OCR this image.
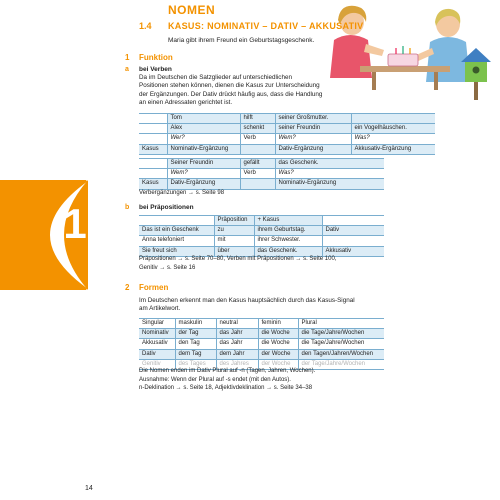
NOMEN
1.4 KASUS: NOMINATIV – DATIV – AKKUSATIV
Maria gibt ihrem Freund ein Geburtstagsgeschenk.
1 Funktion
a bei Verben
Da im Deutschen die Satzglieder auf unterschiedlichen
Positionen stehen können, dienen die Kasus zur Unterscheidung
der Ergänzungen. Der Dativ drückt häufig aus, dass die Handlung
an einen Adressaten gerichtet ist.
	Tom	hilft	seiner Großmutter.	
	Alex	schenkt	seiner Freundin	ein Vogelhäuschen.
	Wer?	Verb	Wem?	Was?
Kasus	Nominativ-Ergänzung		Dativ-Ergänzung	Akkusativ-Ergänzung
	Seiner Freundin	gefällt	das Geschenk.
	Wem?	Verb	Was?
Kasus	Dativ-Ergänzung		Nominativ-Ergänzung
Verbergänzungen → s. Seite 98
b bei Präpositionen
	Präposition	+ Kasus	
Das ist ein Geschenk	zu	ihrem Geburtstag.	Dativ
Anna telefoniert	mit	ihrer Schwester.	
Sie freut sich	über	das Geschenk.	Akkusativ
Präpositionen → s. Seite 70–80, Verben mit Präpositionen → s. Seite 100,
Genitiv → s. Seite 16
2 Formen
Im Deutschen erkennt man den Kasus hauptsächlich durch das Kasus-Signal
am Artikelwort.
Singular	maskulin	neutral	feminin	Plural
Nominativ	der Tag	das Jahr	die Woche	die Tage/Jahre/Wochen
Akkusativ	den Tag	das Jahr	die Woche	die Tage/Jahre/Wochen
Dativ	dem Tag	dem Jahr	der Woche	den Tagen/Jahren/Wochen
Genitiv	des Tages	des Jahres	der Woche	der Tage/Jahre/Wochen
Die Nomen enden im Dativ Plural auf -n (Tagen, Jahren, Wochen).
Ausnahme: Wenn der Plural auf -s endet (mit den Autos).
n-Deklination → s. Seite 18, Adjektivdeklination → s. Seite 34–38
1
14
